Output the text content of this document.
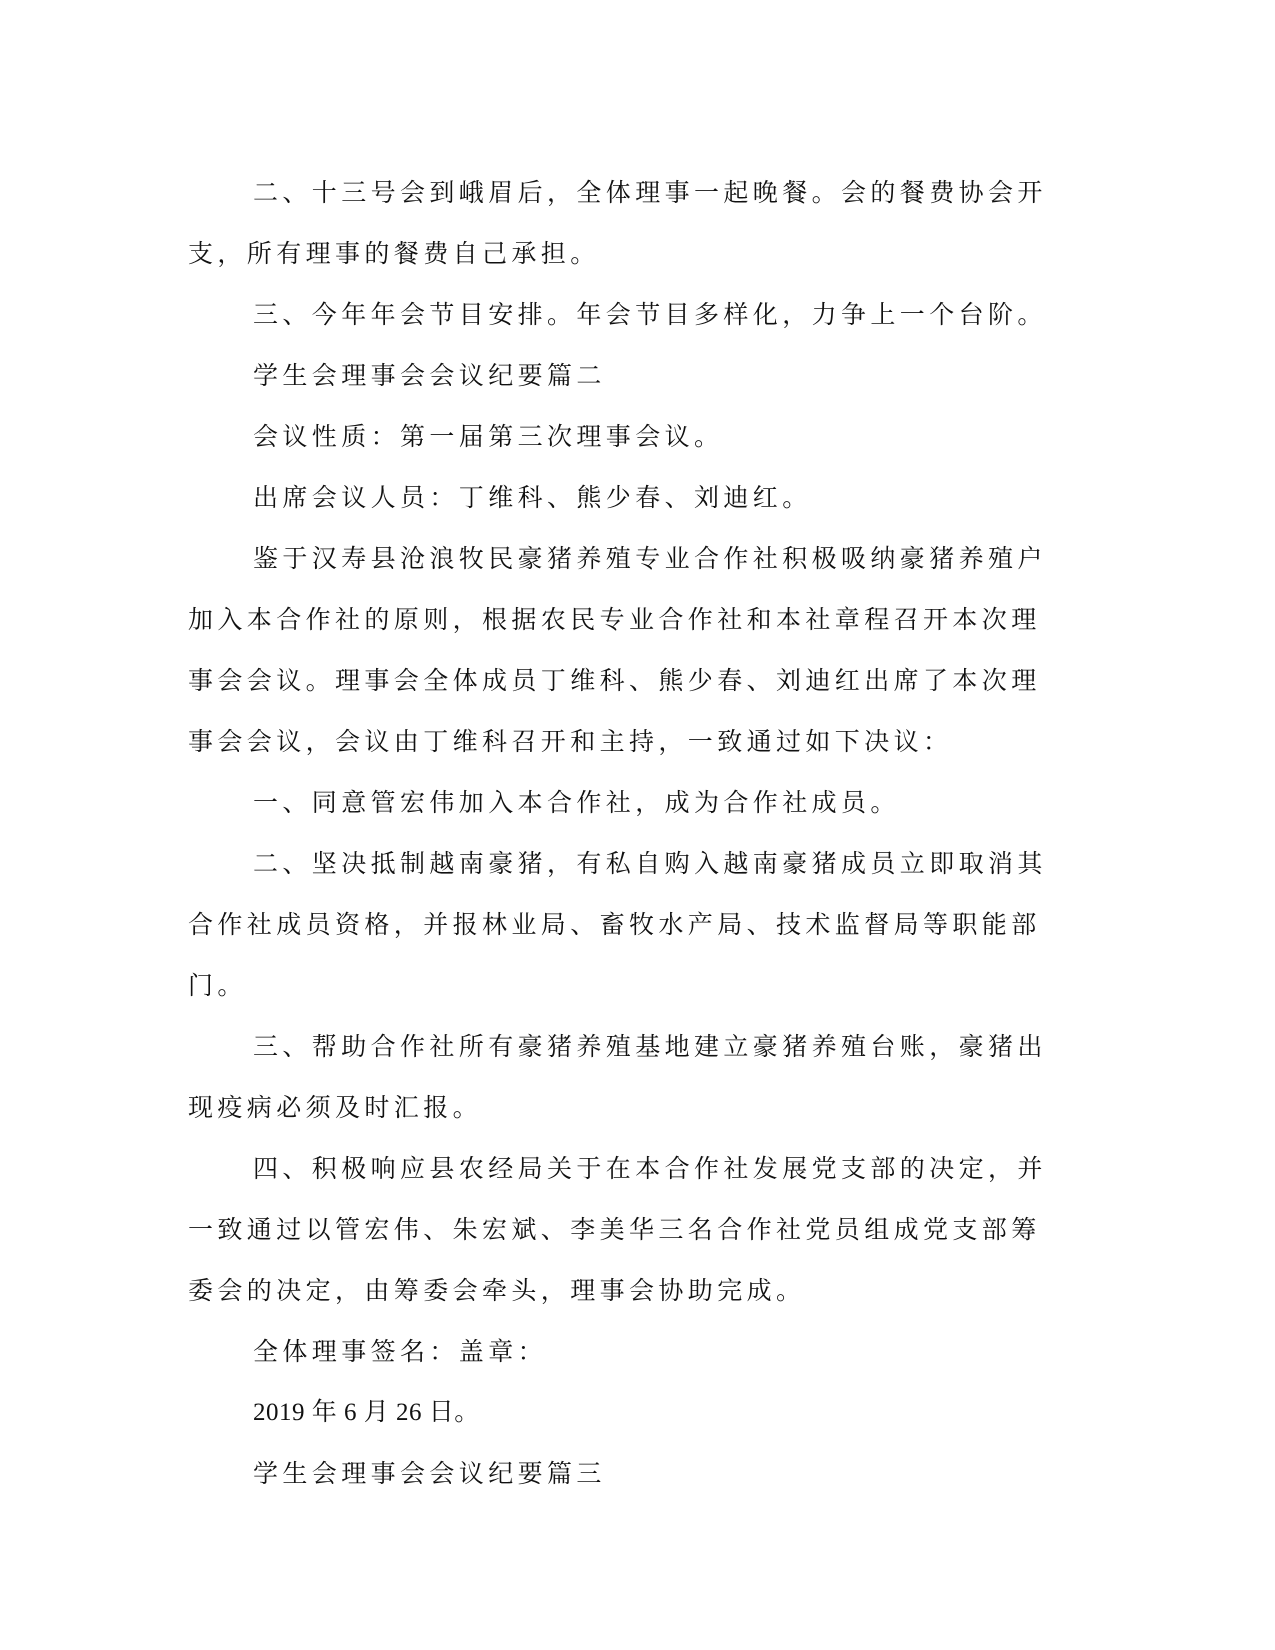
二、十三号会到峨眉后，全体理事一起晚餐。会的餐费协会开支，所有理事的餐费自己承担。

三、今年年会节目安排。年会节目多样化，力争上一个台阶。

学生会理事会会议纪要篇二

会议性质：第一届第三次理事会议。

出席会议人员：丁维科、熊少春、刘迪红。

鉴于汉寿县沧浪牧民豪猪养殖专业合作社积极吸纳豪猪养殖户加入本合作社的原则，根据农民专业合作社和本社章程召开本次理事会会议。理事会全体成员丁维科、熊少春、刘迪红出席了本次理事会会议，会议由丁维科召开和主持，一致通过如下决议：

一、同意管宏伟加入本合作社，成为合作社成员。

二、坚决抵制越南豪猪，有私自购入越南豪猪成员立即取消其合作社成员资格，并报林业局、畜牧水产局、技术监督局等职能部门。

三、帮助合作社所有豪猪养殖基地建立豪猪养殖台账，豪猪出现疫病必须及时汇报。

四、积极响应县农经局关于在本合作社发展党支部的决定，并一致通过以管宏伟、朱宏斌、李美华三名合作社党员组成党支部筹委会的决定，由筹委会牵头，理事会协助完成。

全体理事签名：盖章：

2019 年 6 月 26 日。

学生会理事会会议纪要篇三
